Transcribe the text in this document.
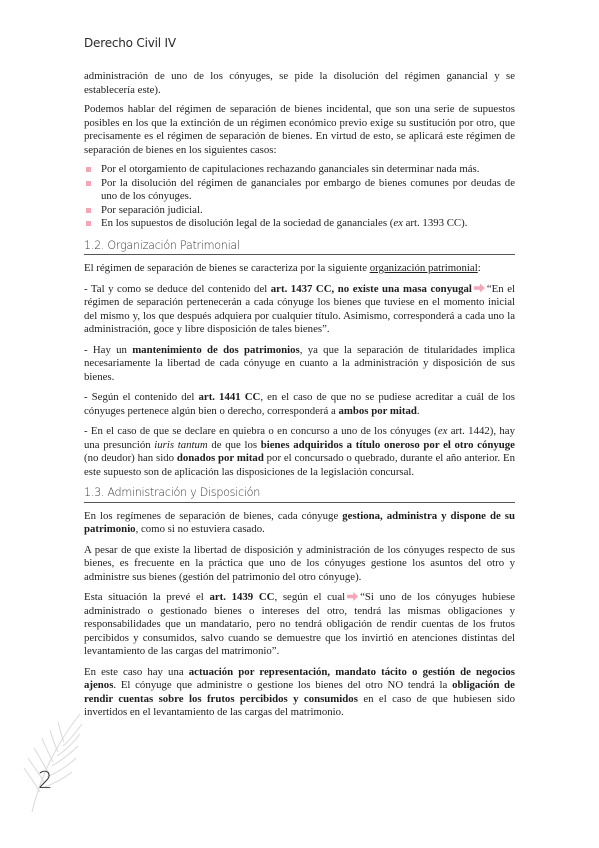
Derecho Civil IV

administración de uno de los cónyuges, se pide la disolución del régimen ganancial y se establecería este).

Podemos hablar del régimen de separación de bienes incidental, que son una serie de supuestos posibles en los que la extinción de un régimen económico previo exige su sustitución por otro, que precisamente es el régimen de separación de bienes. En virtud de esto, se aplicará este régimen de separación de bienes en los siguientes casos:

Por el otorgamiento de capitulaciones rechazando gananciales sin determinar nada más.
Por la disolución del régimen de gananciales por embargo de bienes comunes por deudas de uno de los cónyuges.
Por separación judicial.
En los supuestos de disolución legal de la sociedad de gananciales (ex art. 1393 CC).
1.2. Organización Patrimonial

El régimen de separación de bienes se caracteriza por la siguiente organización patrimonial:

- Tal y como se deduce del contenido del art. 1437 CC, no existe una masa conyugal “En el régimen de separación pertenecerán a cada cónyuge los bienes que tuviese en el momento inicial del mismo y, los que después adquiera por cualquier título. Asimismo, corresponderá a cada uno la administración, goce y libre disposición de tales bienes”.

- Hay un mantenimiento de dos patrimonios, ya que la separación de titularidades implica necesariamente la libertad de cada cónyuge en cuanto a la administración y disposición de sus bienes.

- Según el contenido del art. 1441 CC, en el caso de que no se pudiese acreditar a cuál de los cónyuges pertenece algún bien o derecho, corresponderá a ambos por mitad.

- En el caso de que se declare en quiebra o en concurso a uno de los cónyuges (ex art. 1442), hay una presunción iuris tantum de que los bienes adquiridos a título oneroso por el otro cónyuge (no deudor) han sido donados por mitad por el concursado o quebrado, durante el año anterior. En este supuesto son de aplicación las disposiciones de la legislación concursal.

1.3. Administración y Disposición

En los regímenes de separación de bienes, cada cónyuge gestiona, administra y dispone de su patrimonio, como si no estuviera casado.

A pesar de que existe la libertad de disposición y administración de los cónyuges respecto de sus bienes, es frecuente en la práctica que uno de los cónyuges gestione los asuntos del otro y administre sus bienes (gestión del patrimonio del otro cónyuge).

Esta situación la prevé el art. 1439 CC, según el cual “Si uno de los cónyuges hubiese administrado o gestionado bienes o intereses del otro, tendrá las mismas obligaciones y responsabilidades que un mandatario, pero no tendrá obligación de rendir cuentas de los frutos percibidos y consumidos, salvo cuando se demuestre que los invirtió en atenciones distintas del levantamiento de las cargas del matrimonio”.

En este caso hay una actuación por representación, mandato tácito o gestión de negocios ajenos. El cónyuge que administre o gestione los bienes del otro NO tendrá la obligación de rendir cuentas sobre los frutos percibidos y consumidos en el caso de que hubiesen sido invertidos en el levantamiento de las cargas del matrimonio.

2
